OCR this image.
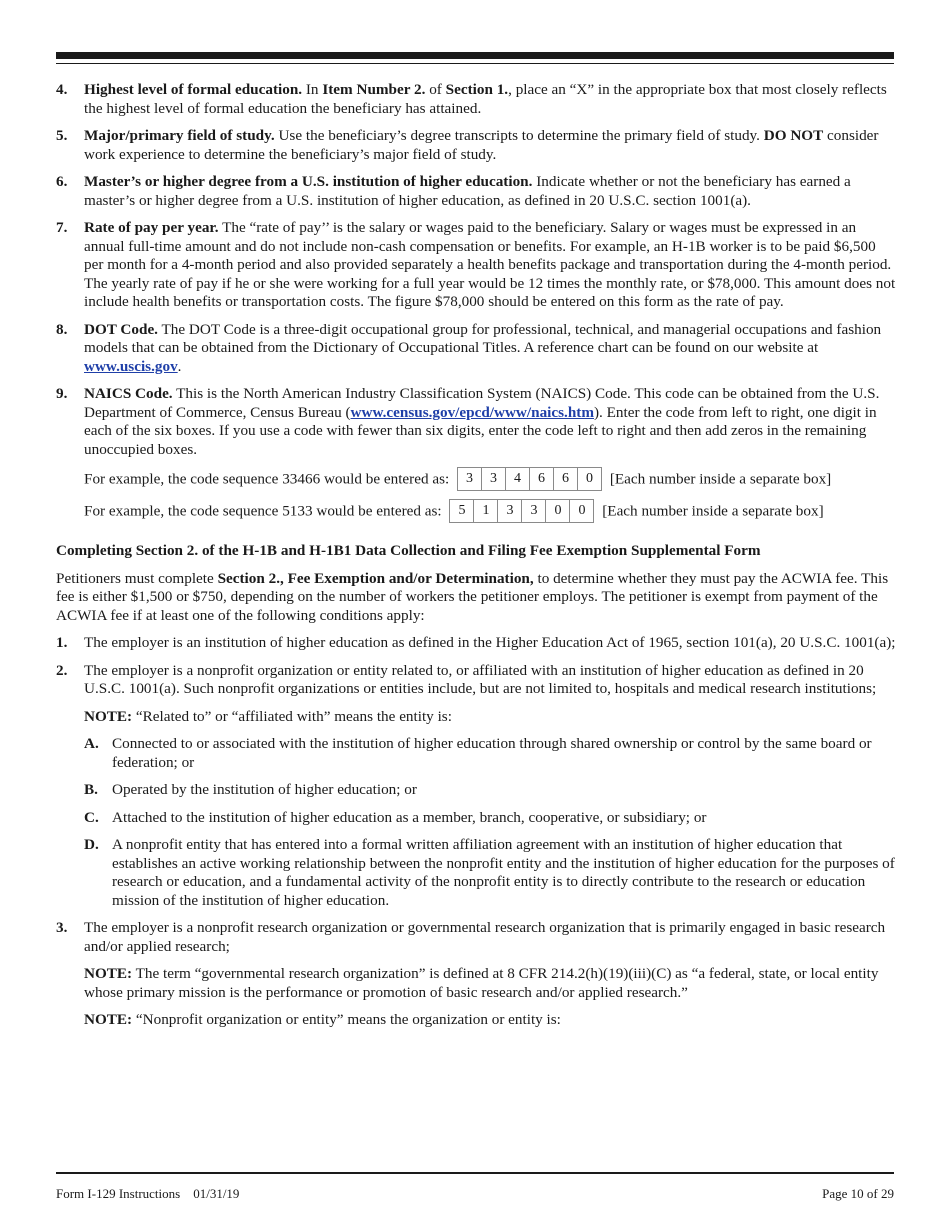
4. Highest level of formal education. In Item Number 2. of Section 1., place an “X” in the appropriate box that most closely reflects the highest level of formal education the beneficiary has attained.
5. Major/primary field of study. Use the beneficiary’s degree transcripts to determine the primary field of study. DO NOT consider work experience to determine the beneficiary’s major field of study.
6. Master’s or higher degree from a U.S. institution of higher education. Indicate whether or not the beneficiary has earned a master’s or higher degree from a U.S. institution of higher education, as defined in 20 U.S.C. section 1001(a).
7. Rate of pay per year. The “rate of pay’’ is the salary or wages paid to the beneficiary. Salary or wages must be expressed in an annual full-time amount and do not include non-cash compensation or benefits. For example, an H-1B worker is to be paid $6,500 per month for a 4-month period and also provided separately a health benefits package and transportation during the 4-month period. The yearly rate of pay if he or she were working for a full year would be 12 times the monthly rate, or $78,000. This amount does not include health benefits or transportation costs. The figure $78,000 should be entered on this form as the rate of pay.
8. DOT Code. The DOT Code is a three-digit occupational group for professional, technical, and managerial occupations and fashion models that can be obtained from the Dictionary of Occupational Titles. A reference chart can be found on our website at www.uscis.gov.
9. NAICS Code. This is the North American Industry Classification System (NAICS) Code. This code can be obtained from the U.S. Department of Commerce, Census Bureau (www.census.gov/epcd/www/naics.htm). Enter the code from left to right, one digit in each of the six boxes. If you use a code with fewer than six digits, enter the code left to right and then add zeros in the remaining unoccupied boxes.
For example, the code sequence 33466 would be entered as:	3	3	4	6	6	0	[Each number inside a separate box]
For example, the code sequence 5133 would be entered as:	5	1	3	3	0	0	[Each number inside a separate box]
Completing Section 2. of the H-1B and H-1B1 Data Collection and Filing Fee Exemption Supplemental Form
Petitioners must complete Section 2., Fee Exemption and/or Determination, to determine whether they must pay the ACWIA fee. This fee is either $1,500 or $750, depending on the number of workers the petitioner employs. The petitioner is exempt from payment of the ACWIA fee if at least one of the following conditions apply:
1. The employer is an institution of higher education as defined in the Higher Education Act of 1965, section 101(a), 20 U.S.C. 1001(a);
2. The employer is a nonprofit organization or entity related to, or affiliated with an institution of higher education as defined in 20 U.S.C. 1001(a). Such nonprofit organizations or entities include, but are not limited to, hospitals and medical research institutions;
NOTE: “Related to” or “affiliated with” means the entity is:
A. Connected to or associated with the institution of higher education through shared ownership or control by the same board or federation; or
B. Operated by the institution of higher education; or
C. Attached to the institution of higher education as a member, branch, cooperative, or subsidiary; or
D. A nonprofit entity that has entered into a formal written affiliation agreement with an institution of higher education that establishes an active working relationship between the nonprofit entity and the institution of higher education for the purposes of research or education, and a fundamental activity of the nonprofit entity is to directly contribute to the research or education mission of the institution of higher education.
3. The employer is a nonprofit research organization or governmental research organization that is primarily engaged in basic research and/or applied research;
NOTE: The term “governmental research organization” is defined at 8 CFR 214.2(h)(19)(iii)(C) as “a federal, state, or local entity whose primary mission is the performance or promotion of basic research and/or applied research.”
NOTE: “Nonprofit organization or entity” means the organization or entity is:
Form I-129 Instructions    01/31/19	Page 10 of 29
